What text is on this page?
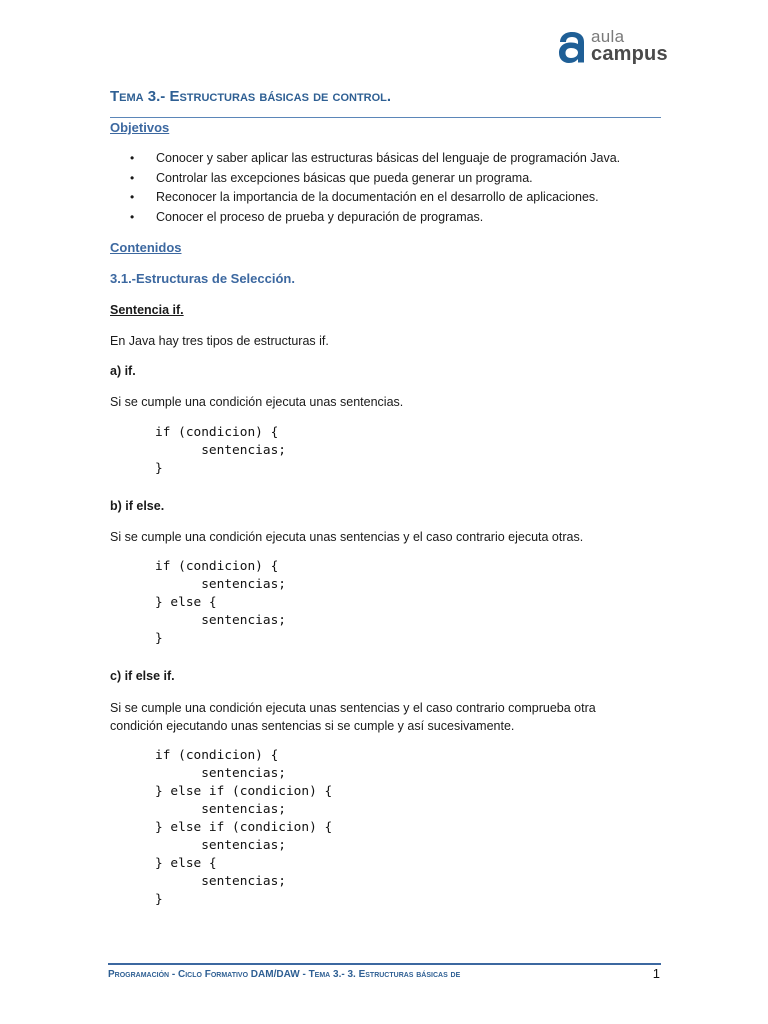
aula
campus
Tema 3.- Estructuras básicas de control.
Objetivos
• Conocer y saber aplicar las estructuras básicas del lenguaje de programación Java.
• Controlar las excepciones básicas que pueda generar un programa.
• Reconocer la importancia de la documentación en el desarrollo de aplicaciones.
• Conocer el proceso de prueba y depuración de programas.
Contenidos
3.1.-Estructuras de Selección.
Sentencia if.
En Java hay tres tipos de estructuras if.
a) if.
Si se cumple una condición ejecuta unas sentencias.
if (condicion) {
sentencias;
}
b) if else.
Si se cumple una condición ejecuta unas sentencias y el caso contrario ejecuta otras.
if (condicion) {
sentencias;
} else {
sentencias;
}
c) if else if.
Si se cumple una condición ejecuta unas sentencias y el caso contrario comprueba otra
condición ejecutando unas sentencias si se cumple y así sucesivamente.
if (condicion) {
sentencias;
} else if (condicion) {
sentencias;
} else if (condicion) {
sentencias;
} else {
sentencias;
}
Programación - Ciclo Formativo DAM/DAW - Tema 3.- 3. Estructuras básicas de	1
